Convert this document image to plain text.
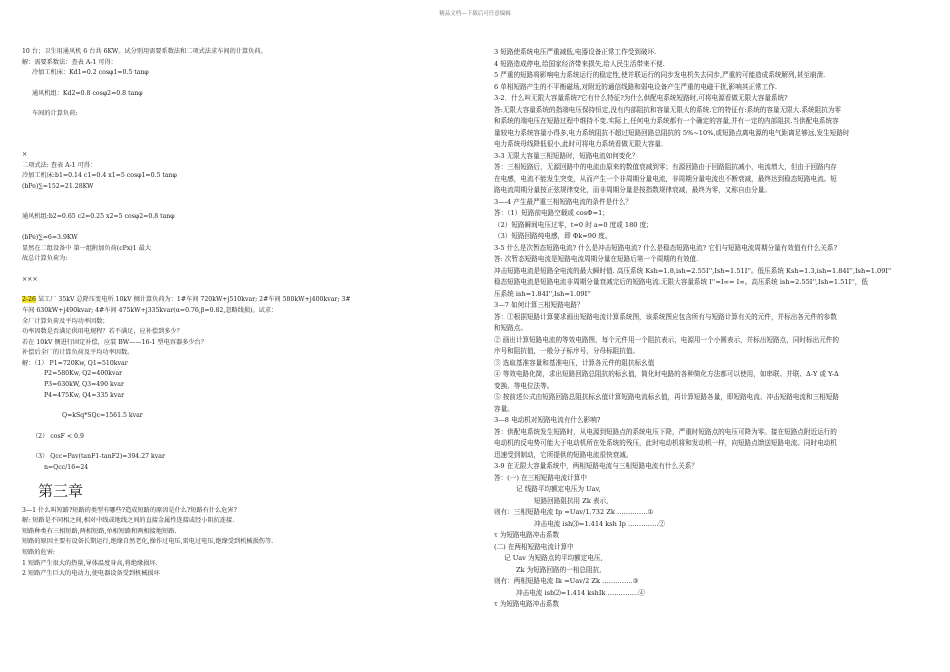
精品文档—下载后可任意编辑
10 台；卫生用通风机 6 台共 6KW。试分别用需要系数法和二项式法求车间的计算负荷。
解：需要系数法：查表 A-1 可得：
冷加工机床：Kd1=0.2 cosφ1=0.5 tanφ
通风机组：Kd2=0.8 cosφ2=0.8 tanφ
车间的计算负荷:
×
二项式法: 查表 A-1 可得：
冷加工机床:b1=0.14 c1=0.4 x1=5 cosφ1=0.5 tanφ
(bPe)∑=152=21.28KW
通风机组:b2=0.65 c2=0.25 x2=5 cosφ2=0.8 tanφ
(bPe)∑=6=3.9KW
显然在二组设备中 第一组附加负荷(cPx)1 最大
故总计算负荷为:
×××
2-26 某工厂 35kV 总降压变电所 10kV 侧计算负荷为：1#车间 720kW+j510kvar; 2#车间 580kW+j400kvar; 3#
车间 630kW+j490kvar; 4#车间 475kW+j335kvar(α=0.76,β=0.82,忽略线损)。试求：
全厂计算负荷及平均功率因数；
功率因数是否满足供用电规程？若不满足，应补偿到多少？
若在 10kV 侧进行固定补偿，应装 BW——16-1 型电容器多少台？
补偿后全厂的计算负荷及平均功率因数。
解：（1） P1=720Kw, Q1=510kvar
P2=580Kw, Q2=400kvar
P3=630kW, Q3=490 kvar
P4=475Kw, Q4=335 kvar
Q=kSq*SQc=1561.5 kvar
（2） cosF < 0.9
（3） Qcc=Pav(tanF1-tanF2)=394.27 kvar
n=Qcc/16=24
第三章
3—1 什么叫短路?短路的类型有哪些?造成短路的原因是什么?短路有什么危害?
解: 短路是不同相之间,相对中线或地线之间的直接金属性连接或经小阻抗连接.
短路种类有三相短路,两相短路,单相短路和两相接地短路.
短路的原因主要有设备长期运行,绝缘自然老化,操作过电压,雷电过电压,绝缘受到机械损伤等.
短路的危害:
1 短路产生很大的热量,导体温度身高,将绝缘损坏.
2 短路产生巨大的电动力,使电器设备受到机械损坏
3 短路使系统电压严重减低,电器设备正常工作受到破坏.
4 短路造成停电,给国家经济带来损失,给人民生活带来不便.
5 严重的短路将影响电力系统运行的稳定性,使并联运行的同步发电机失去同步,严重的可能造成系统解列,甚至崩溃.
6 单相短路产生的不平衡磁场,对附近的通信线路和弱电设备产生严重的电磁干扰,影响其正常工作.
3-2．什么叫无限大容量系统?它有什么特征?为什么供配电系统短路时,可将电源看做无限大容量系统?
答:无限大容量系统的指端电压保持恒定,没有内部阻抗和容量无限大的系统.它的特征有:系统的容量无限大.系统阻抗为零
和系统的端电压在短路过程中维持不变.实际上,任何电力系统都有一个确定的容量,并有一定的内部阻抗.当供配电系统容
量较电力系统容量小得多,电力系统阻抗不超过短路回路总阻抗的 5%~10%,或短路点离电源的电气距离足够远,发生短路时
电力系统母线降低很小,此时可将电力系统看做无限大容量.
3-3 无限大容量三相短路时，短路电流如何变化？
答：三相短路后，无源回路中的电流由原来的数值衰减到零；有源回路由于回路阻抗减小，电流增大，但由于回路内存
在电感，电流不能发生突变，从而产生一个非周期分量电流，非周期分量电流也不断衰减，最终达到稳态短路电流。短
路电流周期分量按正弦规律变化，而非周期分量是按指数规律衰减，最终为零，又称自由分量。
3—-4 产生最严重三相短路电流的条件是什么？
答：（1）短路前电路空载或 cosΦ=1；
（2）短路瞬间电压过零，t=0 时 a=0 度或 180 度；
（3）短路回路纯电感，即 Φk=90 度。
3-5 什么是次暂态短路电流? 什么是冲击短路电流? 什么是稳态短路电流? 它们与短路电流周期分量有效值有什么关系?
答: 次暂态短路电流是短路电流周期分量在短路后第一个周期的有效值.
冲击短路电流是短路全电流的最大瞬时值. 高压系统 Ksh=1.8,ish=2.55I'',Ish=1.51I''。低压系统 Ksh=1.3,ish=1.84I'',Ish=1.09I''
稳态短路电流是短路电流非周期分量衰减完后的短路电流.无限大容量系统 I''=I∞= I∞。高压系统 ish=2.55I'',Ish=1.51I''，低
压系统 ish=1.84I'',Ish=1.09I''
3—7 如何计算三相短路电路？
答：①根据短路计算要求画出短路电流计算系统图，该系统图应包含所有与短路计算有关的元件，并标出各元件的参数
和短路点。
② 画出计算短路电流的等效电路图，每个元件用一个阻抗表示，电源用一个小圆表示，并标出短路点，同时标出元件的
序号和阻抗值，一般分子标序号，分母标阻抗值。
③ 选取基准容量和基准电压，计算各元件的阻抗标幺值
④ 等效电路化简，求出短路回路总阻抗的标幺值，简化时电路的各种简化方法都可以使用，如串联、并联、Δ-Y 或 Y-Δ
变换、等电位法等。
⑤ 按前述公式由短路回路总阻抗标幺值计算短路电流标幺值，再计算短路各量，即短路电流、冲击短路电流和三相短路
容量。
3—8 电动机对短路电流有什么影响?
答：供配电系统发生短路时，从电源到短路点的系统电压下降，严重时短路点的电压可降为零。接在短路点附近运行的
电动机的反电势可能大于电动机所在处系统的残压，此时电动机将和发动机一样，向短路点馈送短路电流。同时电动机
迅速受到制动，它所提供的短路电流很快衰减。
3-9 在无限大容量系统中，两相短路电流与三相短路电流有什么关系？
答：(一) 在三相短路电流计算中
记 线路平均额定电压为 Uav,
短路回路阻抗用 Zk 表示,
则有：三相短路电流 Ip =Uav/1.732 Zk …………..①
冲击电流 ish⑶=1.414 ksh Ip …………..②
τ 为短路电路冲击系数
(二) 在两相短路电流计算中
记 Uav 为短路点的平均额定电压,
Zk 为短路回路的一相总阻抗,
则有：两相短路电流 Ik =Uav/2 Zk …………..③
冲击电流 ish⑵=1.414 kshIk …………..④
τ 为短路电路冲击系数
